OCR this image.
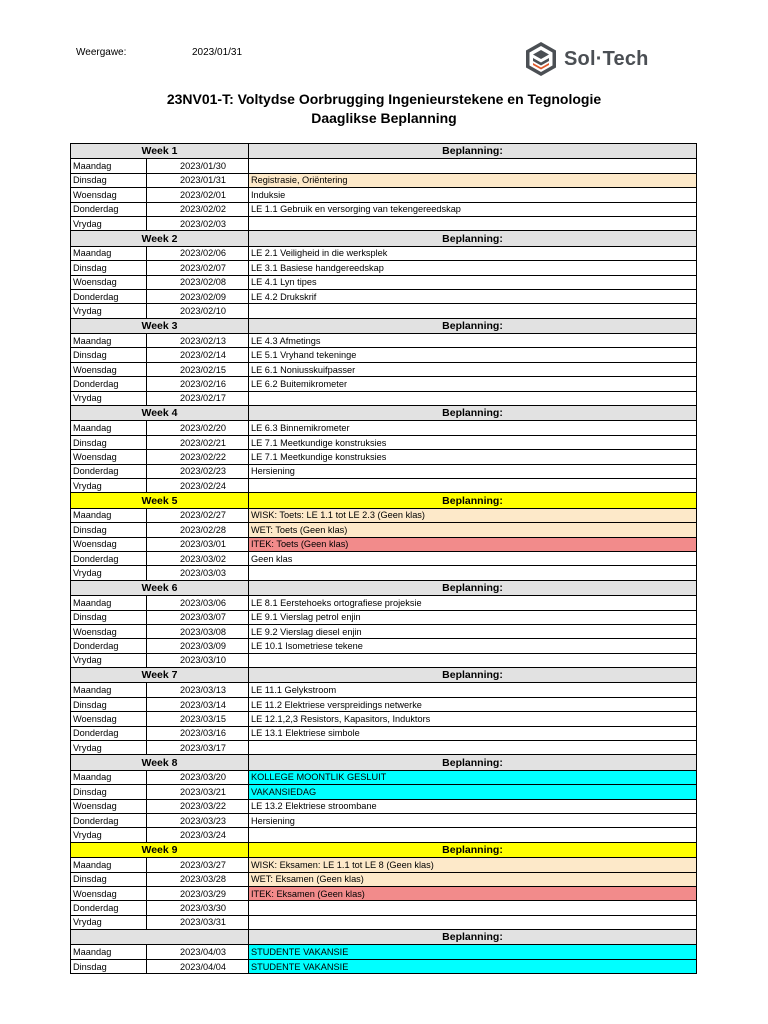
Weergawe:	2023/01/31	Sol·Tech
23NV01-T: Voltydse Oorbrugging Ingenieurstekene en Tegnologie
Daaglikse Beplanning
Week 1		Beplanning:
Maandag	2023/01/30	
Dinsdag	2023/01/31	Registrasie, Oriëntering
Woensdag	2023/02/01	Induksie
Donderdag	2023/02/02	LE 1.1 Gebruik en versorging van tekengereedskap
Vrydag	2023/02/03	
Week 2		Beplanning:
Maandag	2023/02/06	LE 2.1 Veiligheid in die werksplek
Dinsdag	2023/02/07	LE 3.1 Basiese handgereedskap
Woensdag	2023/02/08	LE 4.1 Lyn tipes
Donderdag	2023/02/09	LE 4.2 Drukskrif
Vrydag	2023/02/10	
Week 3		Beplanning:
Maandag	2023/02/13	LE 4.3 Afmetings
Dinsdag	2023/02/14	LE 5.1 Vryhand tekeninge
Woensdag	2023/02/15	LE 6.1 Noniusskuifpasser
Donderdag	2023/02/16	LE 6.2 Buitemikrometer
Vrydag	2023/02/17	
Week 4		Beplanning:
Maandag	2023/02/20	LE 6.3 Binnemikrometer
Dinsdag	2023/02/21	LE 7.1 Meetkundige konstruksies
Woensdag	2023/02/22	LE 7.1 Meetkundige konstruksies
Donderdag	2023/02/23	Hersiening
Vrydag	2023/02/24	
Week 5		Beplanning:
Maandag	2023/02/27	WISK: Toets: LE 1.1 tot LE 2.3 (Geen klas)
Dinsdag	2023/02/28	WET: Toets (Geen klas)
Woensdag	2023/03/01	ITEK: Toets (Geen klas)
Donderdag	2023/03/02	Geen klas
Vrydag	2023/03/03	
Week 6		Beplanning:
Maandag	2023/03/06	LE 8.1 Eerstehoeks ortografiese projeksie
Dinsdag	2023/03/07	LE 9.1 Vierslag petrol enjin
Woensdag	2023/03/08	LE 9.2 Vierslag diesel enjin
Donderdag	2023/03/09	LE 10.1 Isometriese tekene
Vrydag	2023/03/10	
Week 7		Beplanning:
Maandag	2023/03/13	LE 11.1 Gelykstroom
Dinsdag	2023/03/14	LE 11.2 Elektriese verspreidings netwerke
Woensdag	2023/03/15	LE 12.1,2,3 Resistors, Kapasitors, Induktors
Donderdag	2023/03/16	LE 13.1 Elektriese simbole
Vrydag	2023/03/17	
Week 8		Beplanning:
Maandag	2023/03/20	KOLLEGE MOONTLIK GESLUIT
Dinsdag	2023/03/21	VAKANSIEDAG
Woensdag	2023/03/22	LE 13.2 Elektriese stroombane
Donderdag	2023/03/23	Hersiening
Vrydag	2023/03/24	
Week 9		Beplanning:
Maandag	2023/03/27	WISK: Eksamen: LE 1.1 tot LE 8 (Geen klas)
Dinsdag	2023/03/28	WET: Eksamen (Geen klas)
Woensdag	2023/03/29	ITEK: Eksamen (Geen klas)
Donderdag	2023/03/30	
Vrydag	2023/03/31	
		Beplanning:
Maandag	2023/04/03	STUDENTE VAKANSIE
Dinsdag	2023/04/04	STUDENTE VAKANSIE
